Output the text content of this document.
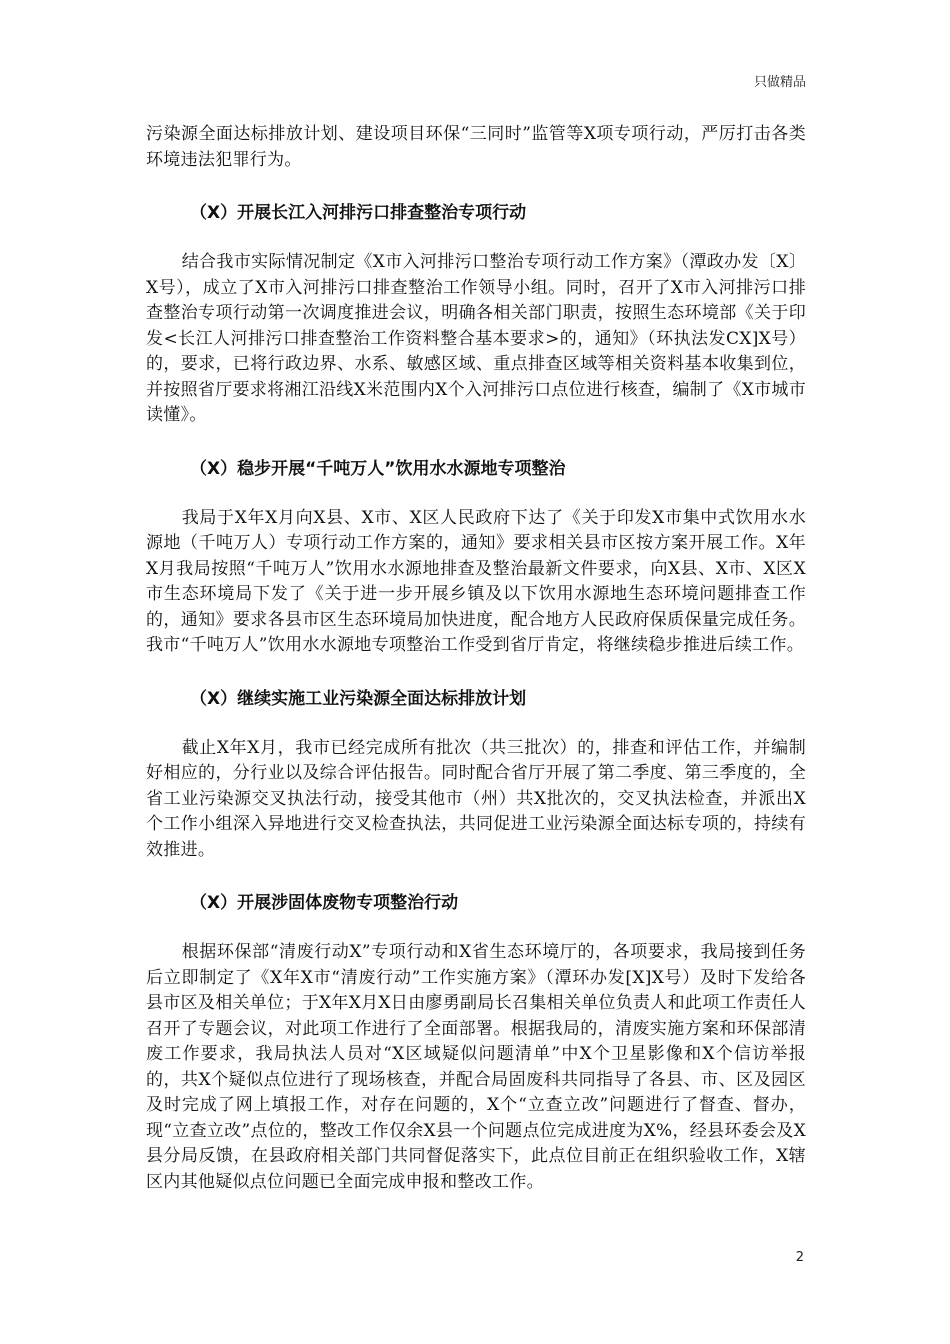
只做精品

污染源全面达标排放计划、建设项目环保“三同时”监管等X项专项行动，严厉打击各类环境违法犯罪行为。

（X）开展长江入河排污口排查整治专项行动

结合我市实际情况制定《X市入河排污口整治专项行动工作方案》（潭政办发〔X〕X号），成立了X市入河排污口排查整治工作领导小组。同时，召开了X市入河排污口排查整治专项行动第一次调度推进会议，明确各相关部门职责，按照生态环境部《关于印发<长江人河排污口排查整治工作资料整合基本要求>的，通知》（环执法发CX]X号）的，要求，已将行政边界、水系、敏感区域、重点排查区域等相关资料基本收集到位，并按照省厅要求将湘江沿线X米范围内X个入河排污口点位进行核查，编制了《X市城市读懂》。

（X）稳步开展“千吨万人”饮用水水源地专项整治

我局于X年X月向X县、X市、X区人民政府下达了《关于印发X市集中式饮用水水源地（千吨万人）专项行动工作方案的，通知》要求相关县市区按方案开展工作。X年X月我局按照“千吨万人”饮用水水源地排查及整治最新文件要求，向X县、X市、X区X市生态环境局下发了《关于进一步开展乡镇及以下饮用水源地生态环境问题排查工作的，通知》要求各县市区生态环境局加快进度，配合地方人民政府保质保量完成任务。我市“千吨万人”饮用水水源地专项整治工作受到省厅肯定，将继续稳步推进后续工作。

（X）继续实施工业污染源全面达标排放计划

截止X年X月，我市已经完成所有批次（共三批次）的，排查和评估工作，并编制好相应的，分行业以及综合评估报告。同时配合省厅开展了第二季度、第三季度的，全省工业污染源交叉执法行动，接受其他市（州）共X批次的，交叉执法检查，并派出X个工作小组深入异地进行交叉检查执法，共同促进工业污染源全面达标专项的，持续有效推进。

（X）开展涉固体废物专项整治行动

根据环保部“清废行动X”专项行动和X省生态环境厅的，各项要求，我局接到任务后立即制定了《X年X市“清废行动”工作实施方案》（潭环办发[X]X号）及时下发给各县市区及相关单位；于X年X月X日由廖勇副局长召集相关单位负责人和此项工作责任人召开了专题会议，对此项工作进行了全面部署。根据我局的，清废实施方案和环保部清废工作要求，我局执法人员对“X区域疑似问题清单”中X个卫星影像和X个信访举报的，共X个疑似点位进行了现场核查，并配合局固废科共同指导了各县、市、区及园区及时完成了网上填报工作，对存在问题的，X个“立查立改”问题进行了督查、督办，现“立查立改”点位的，整改工作仅余X县一个问题点位完成进度为X%，经县环委会及X县分局反馈，在县政府相关部门共同督促落实下，此点位目前正在组织验收工作，X辖区内其他疑似点位问题已全面完成申报和整改工作。

2
